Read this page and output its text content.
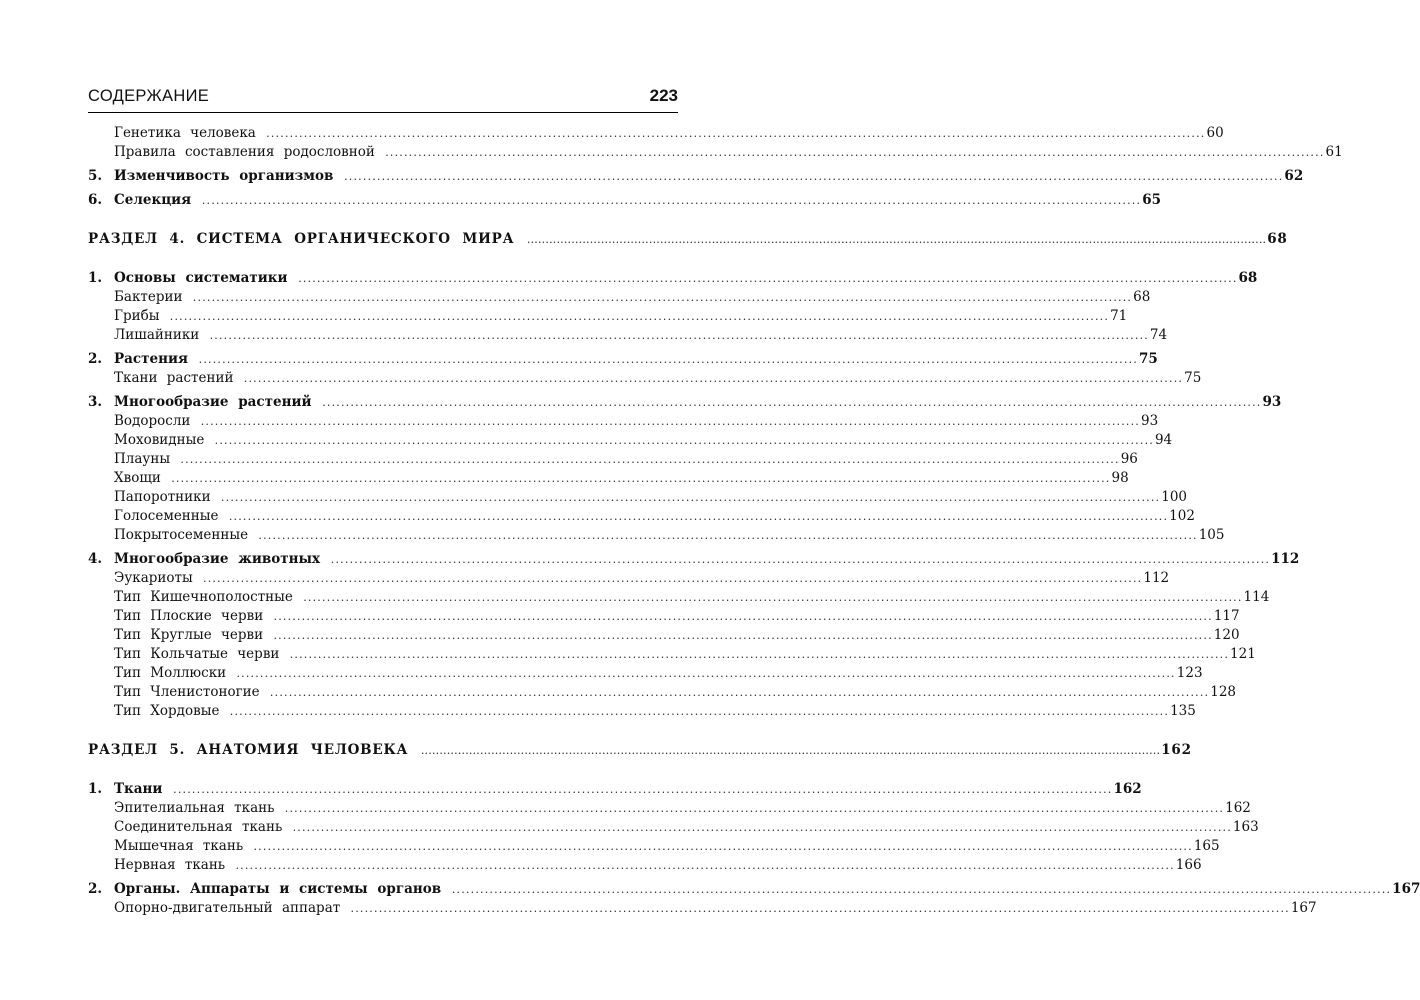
СОДЕРЖАНИЕ	223
Генетика человека ........................................................................................................................................................................................................ 60
Правила составления родословной ........................................................................................................................................................................................................ 61
5. Изменчивость организмов ........................................................................................................................................................................................................ 62
6. Селекция ........................................................................................................................................................................................................ 65
РАЗДЕЛ 4. СИСТЕМА ОРГАНИЧЕСКОГО МИРА ........................................................................................................................................................................................................ 68
1. Основы систематики ........................................................................................................................................................................................................ 68
Бактерии ........................................................................................................................................................................................................ 68
Грибы ........................................................................................................................................................................................................ 71
Лишайники ........................................................................................................................................................................................................ 74
2. Растения ........................................................................................................................................................................................................ 75
Ткани растений ........................................................................................................................................................................................................ 75
3. Многообразие растений ........................................................................................................................................................................................................ 93
Водоросли ........................................................................................................................................................................................................ 93
Моховидные ........................................................................................................................................................................................................ 94
Плауны ........................................................................................................................................................................................................ 96
Хвощи ........................................................................................................................................................................................................ 98
Папоротники ........................................................................................................................................................................................................ 100
Голосеменные ........................................................................................................................................................................................................ 102
Покрытосеменные ........................................................................................................................................................................................................ 105
4. Многообразие животных ........................................................................................................................................................................................................ 112
Эукариоты ........................................................................................................................................................................................................ 112
Тип Кишечнополостные ........................................................................................................................................................................................................ 114
Тип Плоские черви ........................................................................................................................................................................................................ 117
Тип Круглые черви ........................................................................................................................................................................................................ 120
Тип Кольчатые черви ........................................................................................................................................................................................................ 121
Тип Моллюски ........................................................................................................................................................................................................ 123
Тип Членистоногие ........................................................................................................................................................................................................ 128
Тип Хордовые ........................................................................................................................................................................................................ 135
РАЗДЕЛ 5. АНАТОМИЯ ЧЕЛОВЕКА ........................................................................................................................................................................................................ 162
1. Ткани ........................................................................................................................................................................................................ 162
Эпителиальная ткань ........................................................................................................................................................................................................ 162
Соединительная ткань ........................................................................................................................................................................................................ 163
Мышечная ткань ........................................................................................................................................................................................................ 165
Нервная ткань ........................................................................................................................................................................................................ 166
2. Органы. Аппараты и системы органов ........................................................................................................................................................................................................ 167
Опорно-двигательный аппарат ........................................................................................................................................................................................................ 167
